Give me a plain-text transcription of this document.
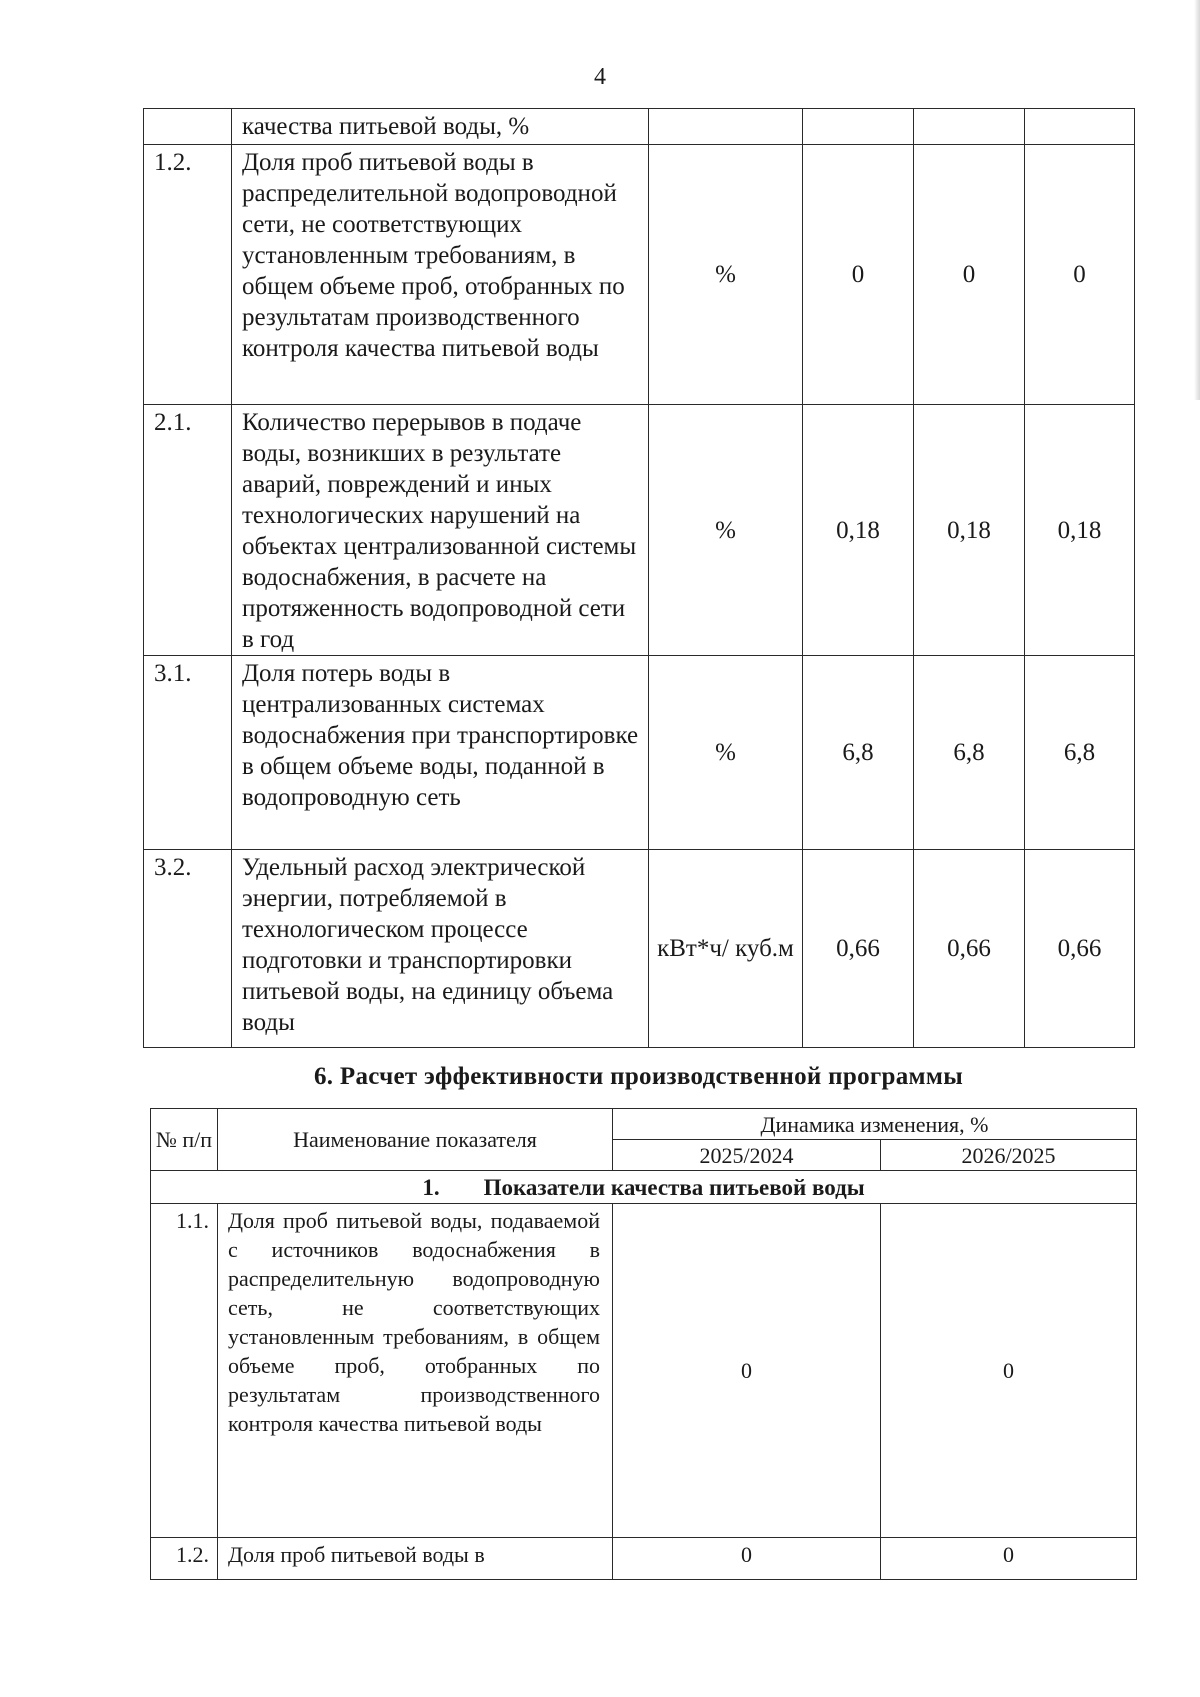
4
	качества питьевой воды, %				
1.2.	Доля проб питьевой воды в распределительной водопроводной сети, не соответствующих установленным требованиям, в общем объеме проб, отобранных по результатам производственного контроля качества питьевой воды	%	0	0	0
2.1.	Количество перерывов в подаче воды, возникших в результате аварий, повреждений и иных технологических нарушений на объектах централизованной системы водоснабжения, в расчете на протяженность водопроводной сети в год	%	0,18	0,18	0,18
3.1.	Доля потерь воды в централизованных системах водоснабжения при транспортировке в общем объеме воды, поданной в водопроводную сеть	%	6,8	6,8	6,8
3.2.	Удельный расход электрической энергии, потребляемой в технологическом процессе подготовки и транспортировки питьевой воды, на единицу объема воды	кВт*ч/ куб.м	0,66	0,66	0,66
6. Расчет эффективности производственной программы
№ п/п	Наименование показателя	Динамика изменения, %	
		2025/2024	2026/2025
1. Показатели качества питьевой воды			
1.1.	Доля проб питьевой воды, подаваемой с источников водоснабжения в распределительную водопроводную сеть, не соответствующих установленным требованиям, в общем объеме проб, отобранных по результатам производственного контроля качества питьевой воды	0	0
1.2.	Доля проб питьевой воды в	0	0
